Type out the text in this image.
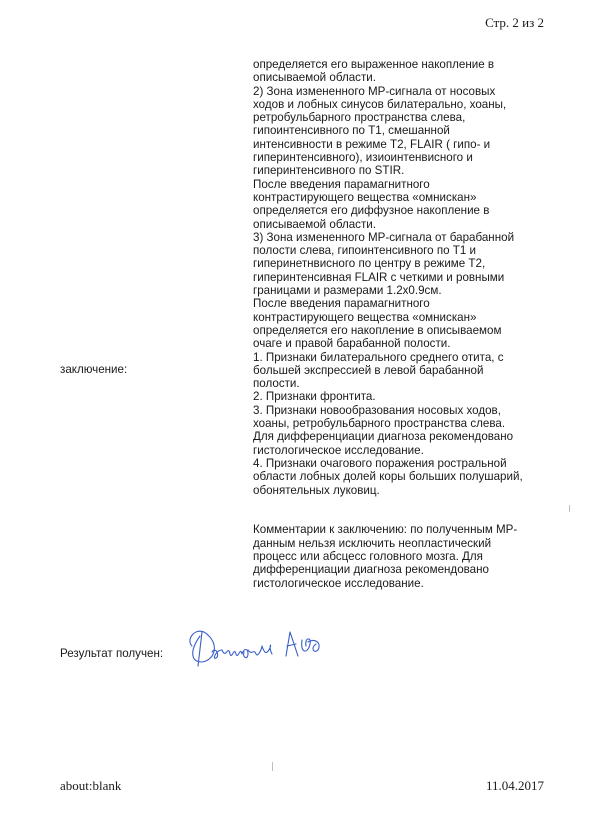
Стр. 2 из 2
определяется его выраженное накопление в
описываемой области.
2) Зона измененного МР-сигнала от носовых
ходов и лобных синусов билатерально, хоаны,
ретробульбарного пространства слева,
гипоинтенсивного по Т1, смешанной
интенсивности в режиме Т2, FLAIR ( гипо- и
гиперинтенсивного), изиоинтенвисного и
гиперинтенсивного по STIR.
После введения парамагнитного
контрастирующего вещества «омнискан»
определяется его диффузное накопление в
описываемой области.
3) Зона измененного МР-сигнала от барабанной
полости слева, гипоинтенсивного по Т1 и
гиперинетнвисного по центру в режиме Т2,
гиперинтенсивная FLAIR с четкими и ровными
границами и размерами 1.2х0.9см.
После введения парамагнитного
контрастирующего вещества «омнискан»
определяется его накопление в описываемом
очаге и правой барабанной полости.
1. Признаки билатерального среднего отита, с
большей экспрессией в левой барабанной
полости.
2. Признаки фронтита.
3. Признаки новообразования носовых ходов,
хоаны, ретробульбарного пространства слева.
Для дифференциации диагноза рекомендовано
гистологическое исследование.
4. Признаки очагового поражения ростральной
области лобных долей коры больших полушарий,
обонятельных луковиц.
Комментарии к заключению: по полученным МР-
данным нельзя исключить неопластический
процесс или абсцесс головного мозга. Для
дифференциации диагноза рекомендовано
гистологическое исследование.
заключение:
Результат получен:
about:blank	11.04.2017
